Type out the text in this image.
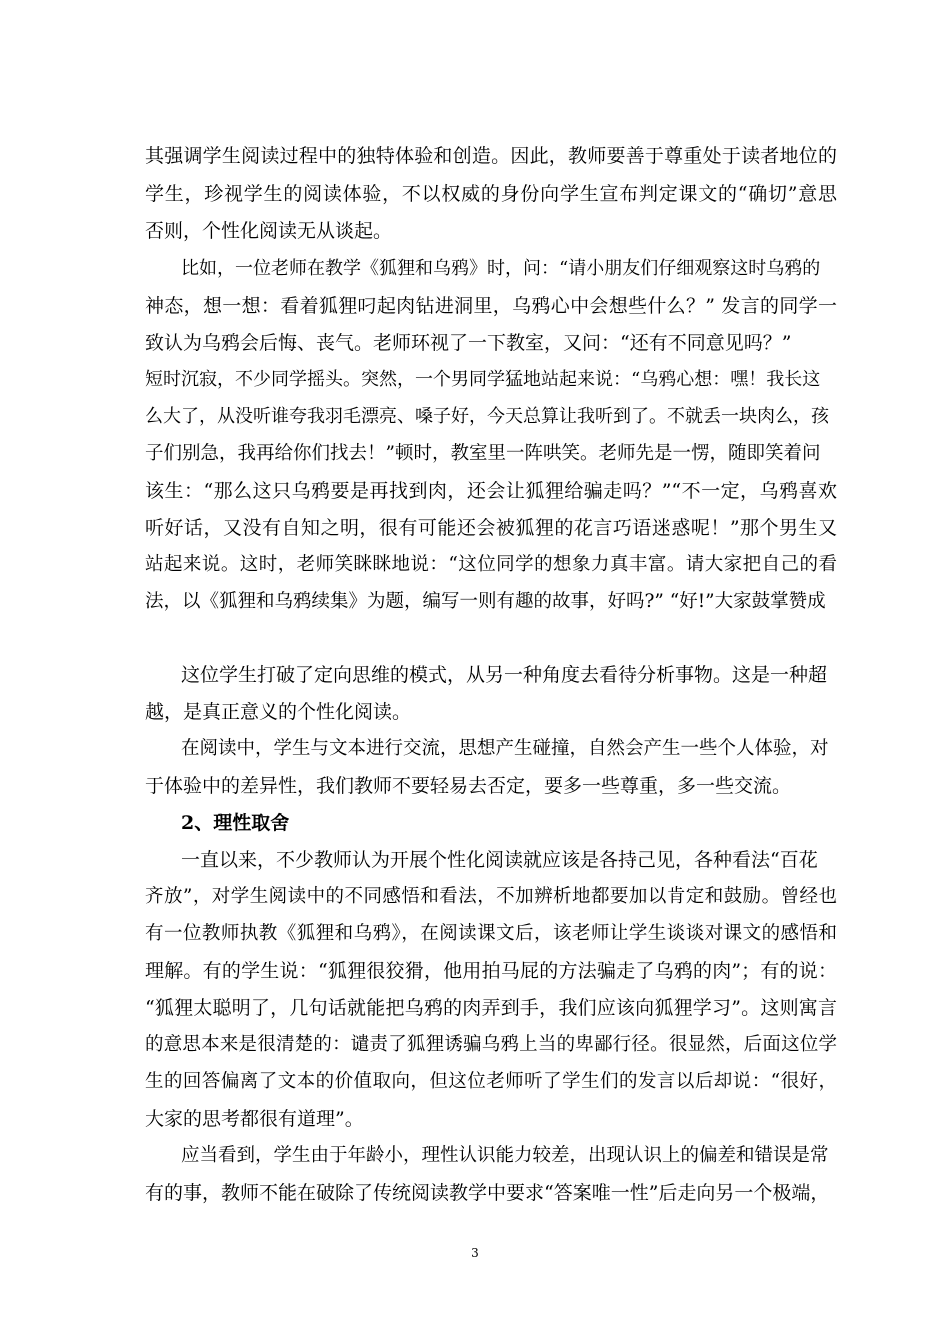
其强调学生阅读过程中的独特体验和创造。因此，教师要善于尊重处于读者地位的
学生，珍视学生的阅读体验，不以权威的身份向学生宣布判定课文的“确切”意思
否则，个性化阅读无从谈起。
比如，一位老师在教学《狐狸和乌鸦》时，问：“请小朋友们仔细观察这时乌鸦的
神态，想一想：看着狐狸叼起肉钻进洞里，乌鸦心中会想些什么？” 发言的同学一
致认为乌鸦会后悔、丧气。老师环视了一下教室，又问：“还有不同意见吗？”
短时沉寂，不少同学摇头。突然，一个男同学猛地站起来说：“乌鸦心想：嘿！我长这
么大了，从没听谁夸我羽毛漂亮、嗓子好，今天总算让我听到了。不就丢一块肉么，孩
子们别急，我再给你们找去！”顿时，教室里一阵哄笑。老师先是一愣，随即笑着问
该生：“那么这只乌鸦要是再找到肉，还会让狐狸给骗走吗？”“不一定，乌鸦喜欢
听好话，又没有自知之明，很有可能还会被狐狸的花言巧语迷惑呢！”那个男生又
站起来说。这时，老师笑眯眯地说：“这位同学的想象力真丰富。请大家把自己的看
法，以《狐狸和乌鸦续集》为题，编写一则有趣的故事，好吗?” “好!”大家鼓掌赞成
这位学生打破了定向思维的模式，从另一种角度去看待分析事物。这是一种超
越，是真正意义的个性化阅读。
在阅读中，学生与文本进行交流，思想产生碰撞，自然会产生一些个人体验，对
于体验中的差异性，我们教师不要轻易去否定，要多一些尊重，多一些交流。
2、理性取舍
一直以来，不少教师认为开展个性化阅读就应该是各持己见，各种看法“百花
齐放”，对学生阅读中的不同感悟和看法，不加辨析地都要加以肯定和鼓励。曾经也
有一位教师执教《狐狸和乌鸦》，在阅读课文后，该老师让学生谈谈对课文的感悟和
理解。有的学生说：“狐狸很狡猾，他用拍马屁的方法骗走了乌鸦的肉”；有的说：
“狐狸太聪明了，几句话就能把乌鸦的肉弄到手，我们应该向狐狸学习”。这则寓言
的意思本来是很清楚的：谴责了狐狸诱骗乌鸦上当的卑鄙行径。很显然，后面这位学
生的回答偏离了文本的价值取向，但这位老师听了学生们的发言以后却说：“很好，
大家的思考都很有道理”。
应当看到，学生由于年龄小，理性认识能力较差，出现认识上的偏差和错误是常
有的事，教师不能在破除了传统阅读教学中要求“答案唯一性”后走向另一个极端，
3
